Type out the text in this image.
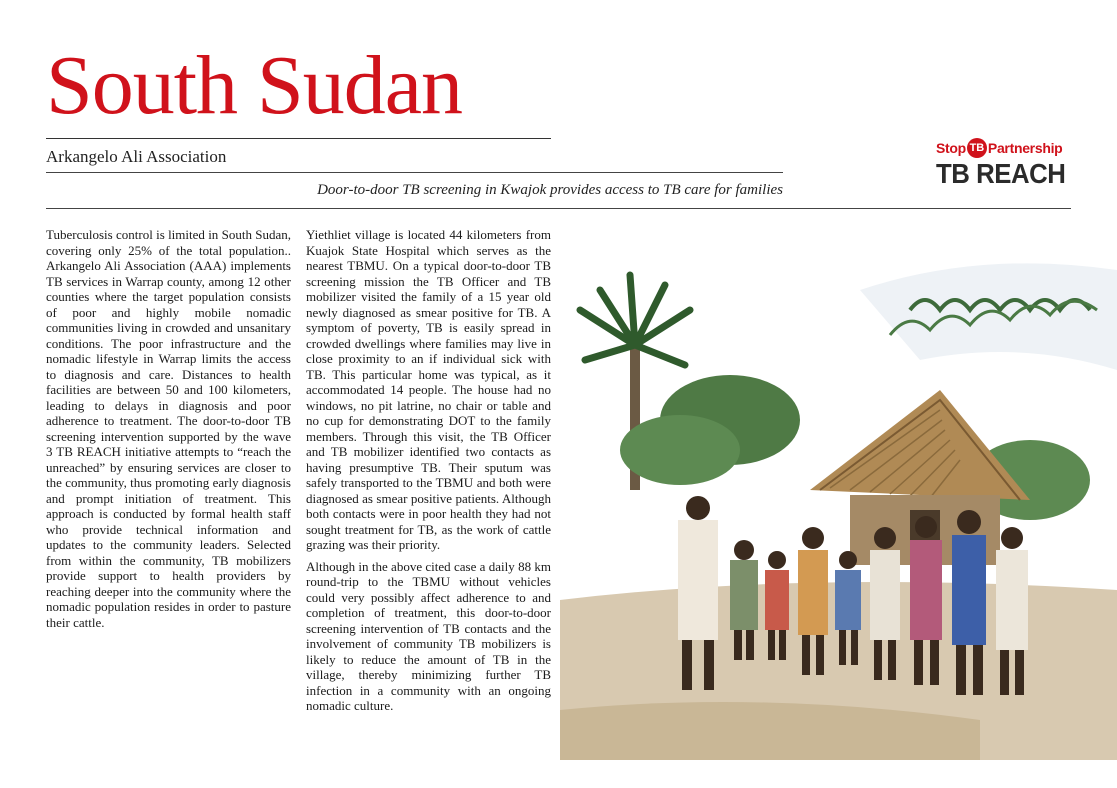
South Sudan
Arkangelo Ali Association
Door-to-door TB screening in Kwajok provides access to TB care for families
Stop TB Partnership
TB REACH

Tuberculosis control is limited in South Sudan, covering only 25% of the total population.. Arkangelo Ali Association (AAA) implements TB services in Warrap county, among 12 other counties where the target population consists of poor and highly mobile nomadic communities living in crowded and unsanitary conditions. The poor infrastructure and the nomadic lifestyle in Warrap limits the access to diagnosis and care. Distances to health facilities are between 50 and 100 kilometers, leading to delays in diagnosis and poor adherence to treatment. The door-to-door TB screening intervention supported by the wave 3 TB REACH initiative attempts to “reach the unreached” by ensuring services are closer to the community, thus promoting early diagnosis and prompt initiation of treatment. This approach is conducted by formal health staff who provide technical information and updates to the community leaders. Selected from within the community, TB mobilizers provide support to health providers by reaching deeper into the community where the nomadic population resides in order to pasture their cattle.

Yiethliet village is located 44 kilometers from Kuajok State Hospital which serves as the nearest TBMU. On a typical door-to-door TB screening mission the TB Officer and TB mobilizer visited the family of a 15 year old newly diagnosed as smear positive for TB. A symptom of poverty, TB is easily spread in crowded dwellings where families may live in close proximity to an if individual sick with TB. This particular home was typical, as it accommodated 14 people. The house had no windows, no pit latrine, no chair or table and no cup for demonstrating DOT to the family members. Through this visit, the TB Officer and TB mobilizer identified two contacts as having presumptive TB. Their sputum was safely transported to the TBMU and both were diagnosed as smear positive patients. Although both contacts were in poor health they had not sought treatment for TB, as the work of cattle grazing was their priority.

Although in the above cited case a daily 88 km round-trip to the TBMU without vehicles could very possibly affect adherence to and completion of treatment, this door-to-door screening intervention of TB contacts and the involvement of community TB mobilizers is likely to reduce the amount of TB in the village, thereby minimizing further TB infection in a community with an ongoing nomadic culture.
